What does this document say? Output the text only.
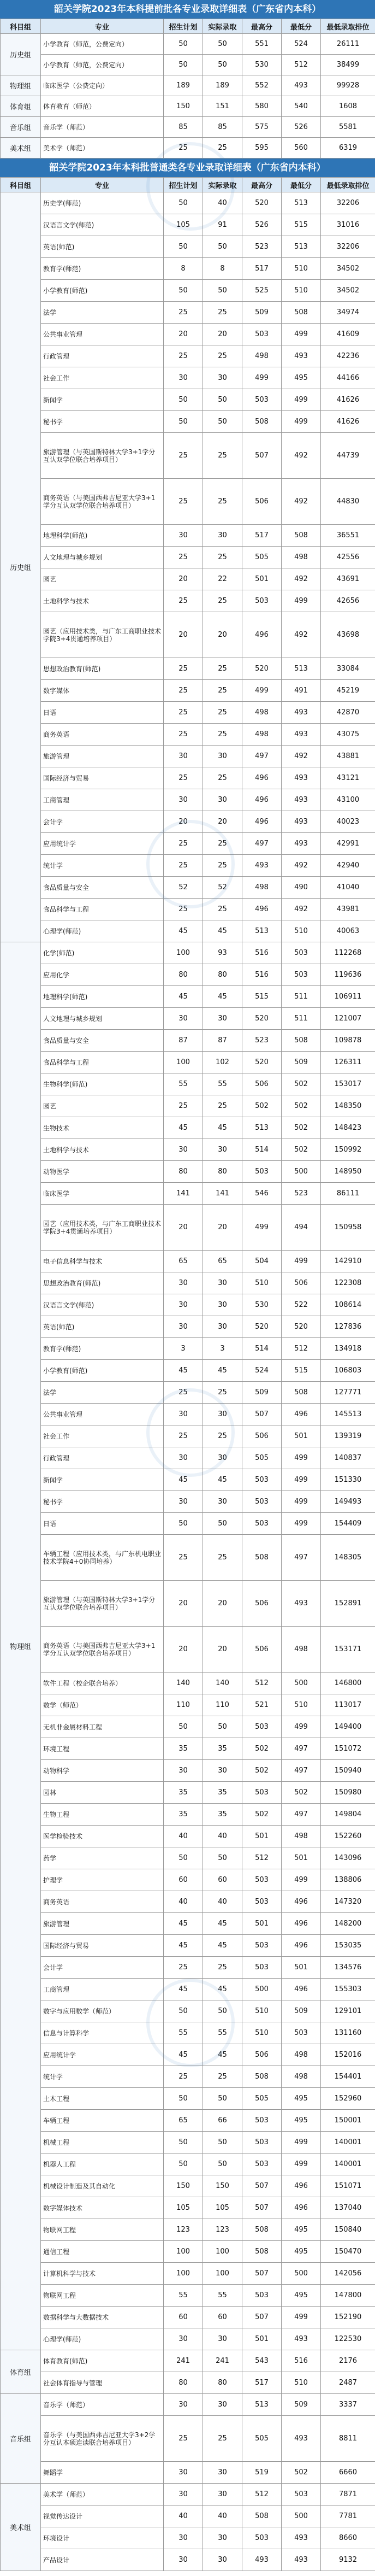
韶关学院2023年本科提前批各专业录取详细表（广东省内本科）
科目组	专业	招生计划	实际录取	最高分	最低分	最低录取排位
历史组	小学教育（师范，公费定向）	50	50	551	524	26111
	小学教育（师范，公费定向）	50	50	530	512	38499
物理组	临床医学（公费定向）	189	189	552	493	99928
体育组	体育教育（师范）	150	151	580	540	1608
音乐组	音乐学（师范）	85	85	575	526	5581
美术组	美术学（师范）	25	25	595	560	6319
韶关学院2023年本科批普通类各专业录取详细表（广东省内本科）
科目组	专业	招生计划	实际录取	最高分	最低分	最低录取排位
历史组	历史学(师范)	50	40	520	513	32206
	汉语言文学(师范)	105	91	526	515	31016
	英语(师范)	50	50	523	513	32206
	教育学(师范)	8	8	517	510	34502
	小学教育(师范)	50	50	525	510	34502
	法学	25	25	509	508	34974
	公共事业管理	20	20	503	499	41609
	行政管理	25	25	498	493	42236
	社会工作	30	30	499	495	44166
	新闻学	50	50	503	499	41626
	秘书学	50	50	508	499	41626
	旅游管理（与英国斯特林大学3+1学分互认双学位联合培养项目）	25	25	507	492	44739
	商务英语（与美国西弗吉尼亚大学3+1学分互认双学位联合培养项目）	25	25	506	492	44830
	地理科学(师范)	30	30	517	508	36551
	人文地理与城乡规划	25	25	505	498	42556
	园艺	20	22	501	492	43691
	土地科学与技术	25	25	503	499	42656
	园艺（应用技术类，与广东工商职业技术学院3+4贯通培养项目）	20	20	496	492	43698
	思想政治教育(师范)	25	25	520	513	33084
	数字媒体	25	25	499	491	45219
	日语	25	25	498	493	42870
	商务英语	25	25	498	493	43075
	旅游管理	30	30	497	492	43881
	国际经济与贸易	25	25	496	493	43121
	工商管理	30	30	496	493	43100
	会计学	20	20	496	493	40023
	应用统计学	25	25	497	493	42991
	统计学	25	25	493	492	42940
	食品质量与安全	52	52	498	490	41040
	食品科学与工程	25	25	496	492	43981
	心理学(师范)	45	45	513	510	40063
物理组	化学(师范)	100	93	516	503	112268
	应用化学	80	80	516	503	119636
	地理科学(师范)	45	45	515	511	106911
	人文地理与城乡规划	30	30	520	511	121007
	食品质量与安全	87	87	523	508	109878
	食品科学与工程	100	102	520	509	126311
	生物科学(师范)	55	55	506	502	153017
	园艺	25	25	502	502	148350
	生物技术	45	45	513	502	148423
	土地科学与技术	30	30	514	502	150992
	动物医学	80	80	503	500	148950
	临床医学	141	141	546	523	86111
	园艺（应用技术类，与广东工商职业技术学院3+4贯通培养项目）	20	20	499	494	150958
	电子信息科学与技术	65	65	504	499	142910
	思想政治教育(师范)	30	30	510	506	122308
	汉语言文学(师范)	30	30	530	522	108614
	英语(师范)	30	30	520	520	127836
	教育学(师范)	3	3	514	512	134918
	小学教育(师范)	45	45	524	515	106803
	法学	25	25	509	508	127771
	公共事业管理	30	30	507	496	145513
	社会工作	25	25	506	501	139319
	行政管理	30	30	505	499	140837
	新闻学	45	45	503	499	151330
	秘书学	30	30	503	499	149493
	日语	50	50	503	499	154409
	车辆工程（应用技术类，与广东机电职业技术学院4+0协同培养）	25	25	508	497	148305
	旅游管理（与英国斯特林大学3+1学分互认双学位联合培养项目）	20	20	506	493	152891
	商务英语（与美国西弗吉尼亚大学3+1学分互认双学位联合培养项目）	20	20	506	498	153171
	软件工程（校企联合培养）	140	140	512	500	146800
	数学（师范）	110	110	521	510	113017
	无机非金属材料工程	50	50	503	499	149400
	环境工程	35	35	502	497	151072
	动物科学	30	30	502	497	150940
	园林	35	35	503	502	150980
	生物工程	35	35	502	497	149804
	医学检验技术	40	40	501	498	152260
	药学	50	50	512	501	143096
	护理学	60	60	503	499	138806
	商务英语	40	40	503	496	147320
	旅游管理	45	45	501	496	148200
	国际经济与贸易	45	45	503	496	153035
	会计学	25	25	503	501	134576
	工商管理	45	45	500	496	155303
	数字与应用数学（师范）	50	50	510	509	129101
	信息与计算科学	55	55	510	503	131160
	应用统计学	45	45	506	498	152016
	统计学	25	25	508	498	154401
	土木工程	50	50	505	495	152960
	车辆工程	65	66	503	495	150001
	机械工程	50	50	503	499	140001
	机器人工程	50	50	503	499	140001
	机械设计制造及其自动化	150	150	507	496	151071
	数字媒体技术	105	105	507	496	137040
	物联网工程	123	123	508	495	150840
	通信工程	100	100	508	495	150470
	计算机科学与技术	100	100	507	500	142056
	物联网工程	55	55	503	495	147800
	数据科学与大数据技术	60	60	507	499	152190
	心理学(师范)	30	30	501	493	122530
体育组	体育教育(师范)	241	241	543	516	2176
	社会体育指导与管理	80	80	517	510	2487
音乐组	音乐学（师范）	30	30	513	509	3337
	音乐学（与美国西弗吉尼亚大学3+2学分互认本硕连读联合培养项目）	25	25	505	493	8811
	舞蹈学	30	30	519	502	6660
美术组	美术学（师范）	30	30	512	503	7871
	视觉传达设计	40	40	508	500	7781
	环境设计	30	30	503	493	8660
	产品设计	30	30	493	493	9132
